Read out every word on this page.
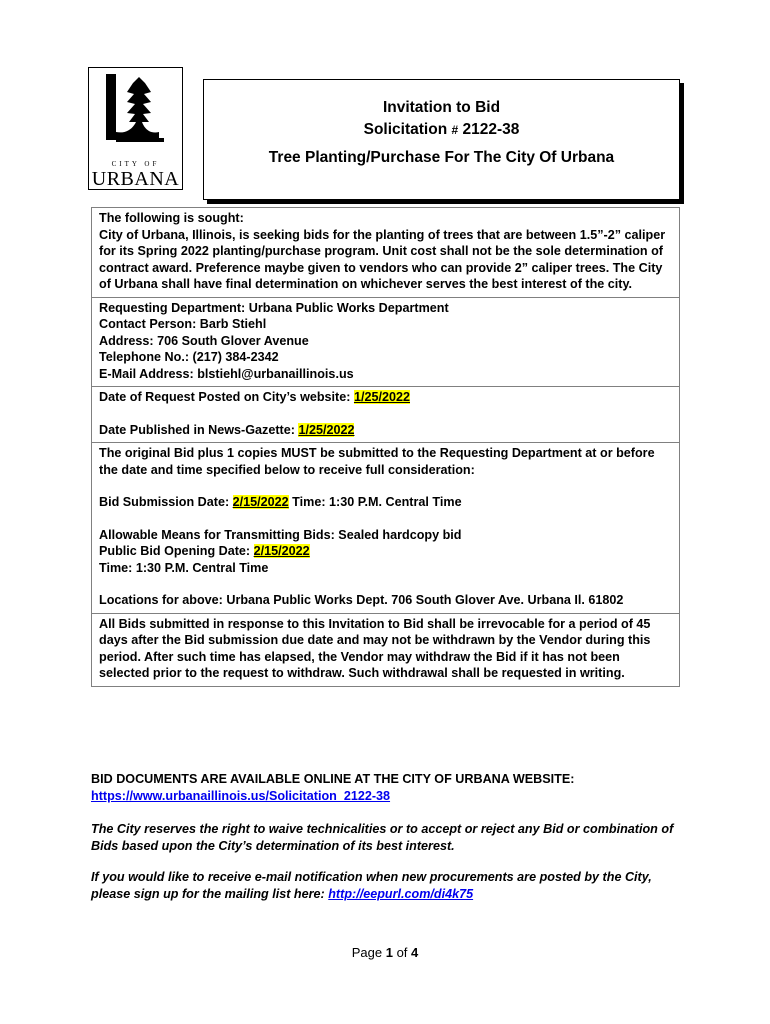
CITY OF
URBANA
Invitation to Bid
Solicitation # 2122-38
Tree Planting/Purchase For The City Of Urbana

The following is sought:

City of Urbana, Illinois, is seeking bids for the planting of trees that are between 1.5”-2” caliper for its Spring 2022 planting/purchase program. Unit cost shall not be the sole determination of contract award. Preference maybe given to vendors who can provide 2” caliper trees. The City of Urbana shall have final determination on whichever serves the best interest of the city.

Requesting Department: Urbana Public Works Department

Contact Person: Barb Stiehl

Address: 706 South Glover Avenue

Telephone No.: (217) 384-2342

E-Mail Address: blstiehl@urbanaillinois.us

Date of Request Posted on City’s website: 1/25/2022

Date Published in News-Gazette: 1/25/2022

The original Bid plus 1 copies MUST be submitted to the Requesting Department at or before the date and time specified below to receive full consideration:

Bid Submission Date: 2/15/2022 Time: 1:30 P.M. Central Time

Allowable Means for Transmitting Bids: Sealed hardcopy bid

Public Bid Opening Date: 2/15/2022

Time: 1:30 P.M. Central Time

Locations for above: Urbana Public Works Dept. 706 South Glover Ave. Urbana Il. 61802

All Bids submitted in response to this Invitation to Bid shall be irrevocable for a period of 45 days after the Bid submission due date and may not be withdrawn by the Vendor during this period. After such time has elapsed, the Vendor may withdraw the Bid if it has not been selected prior to the request to withdraw. Such withdrawal shall be requested in writing.

BID DOCUMENTS ARE AVAILABLE ONLINE AT THE CITY OF URBANA WEBSITE:
https://www.urbanaillinois.us/Solicitation_2122-38
The City reserves the right to waive technicalities or to accept or reject any Bid or combination of Bids based upon the City’s determination of its best interest.
If you would like to receive e-mail notification when new procurements are posted by the City, please sign up for the mailing list here: http://eepurl.com/di4k75
Page 1 of 4
